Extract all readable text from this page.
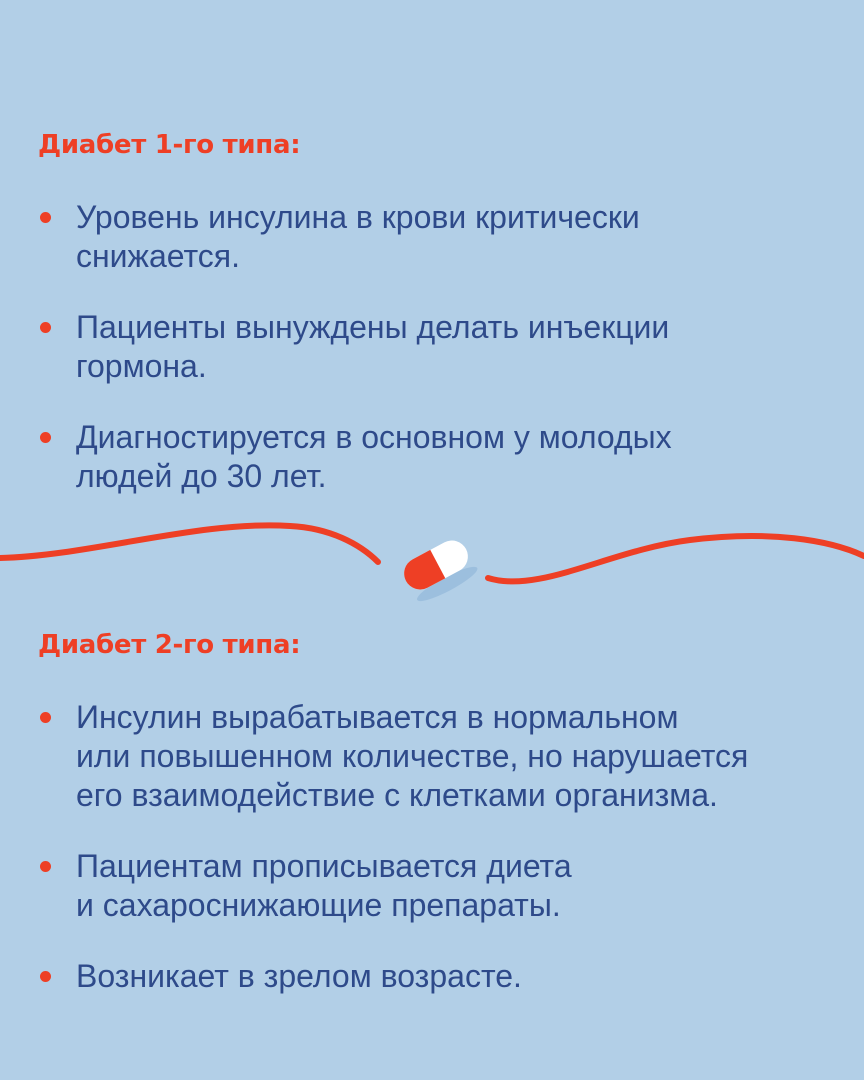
Диабет 1-го типа:
Уровень инсулина в крови критически
снижается.
Пациенты вынуждены делать инъекции
гормона.
Диагностируется в основном у молодых
людей до 30 лет.
Диабет 2-го типа:
Инсулин вырабатывается в нормальном
или повышенном количестве, но нарушается
его взаимодействие с клетками организма.
Пациентам прописывается диета
и сахароснижающие препараты.
Возникает в зрелом возрасте.
